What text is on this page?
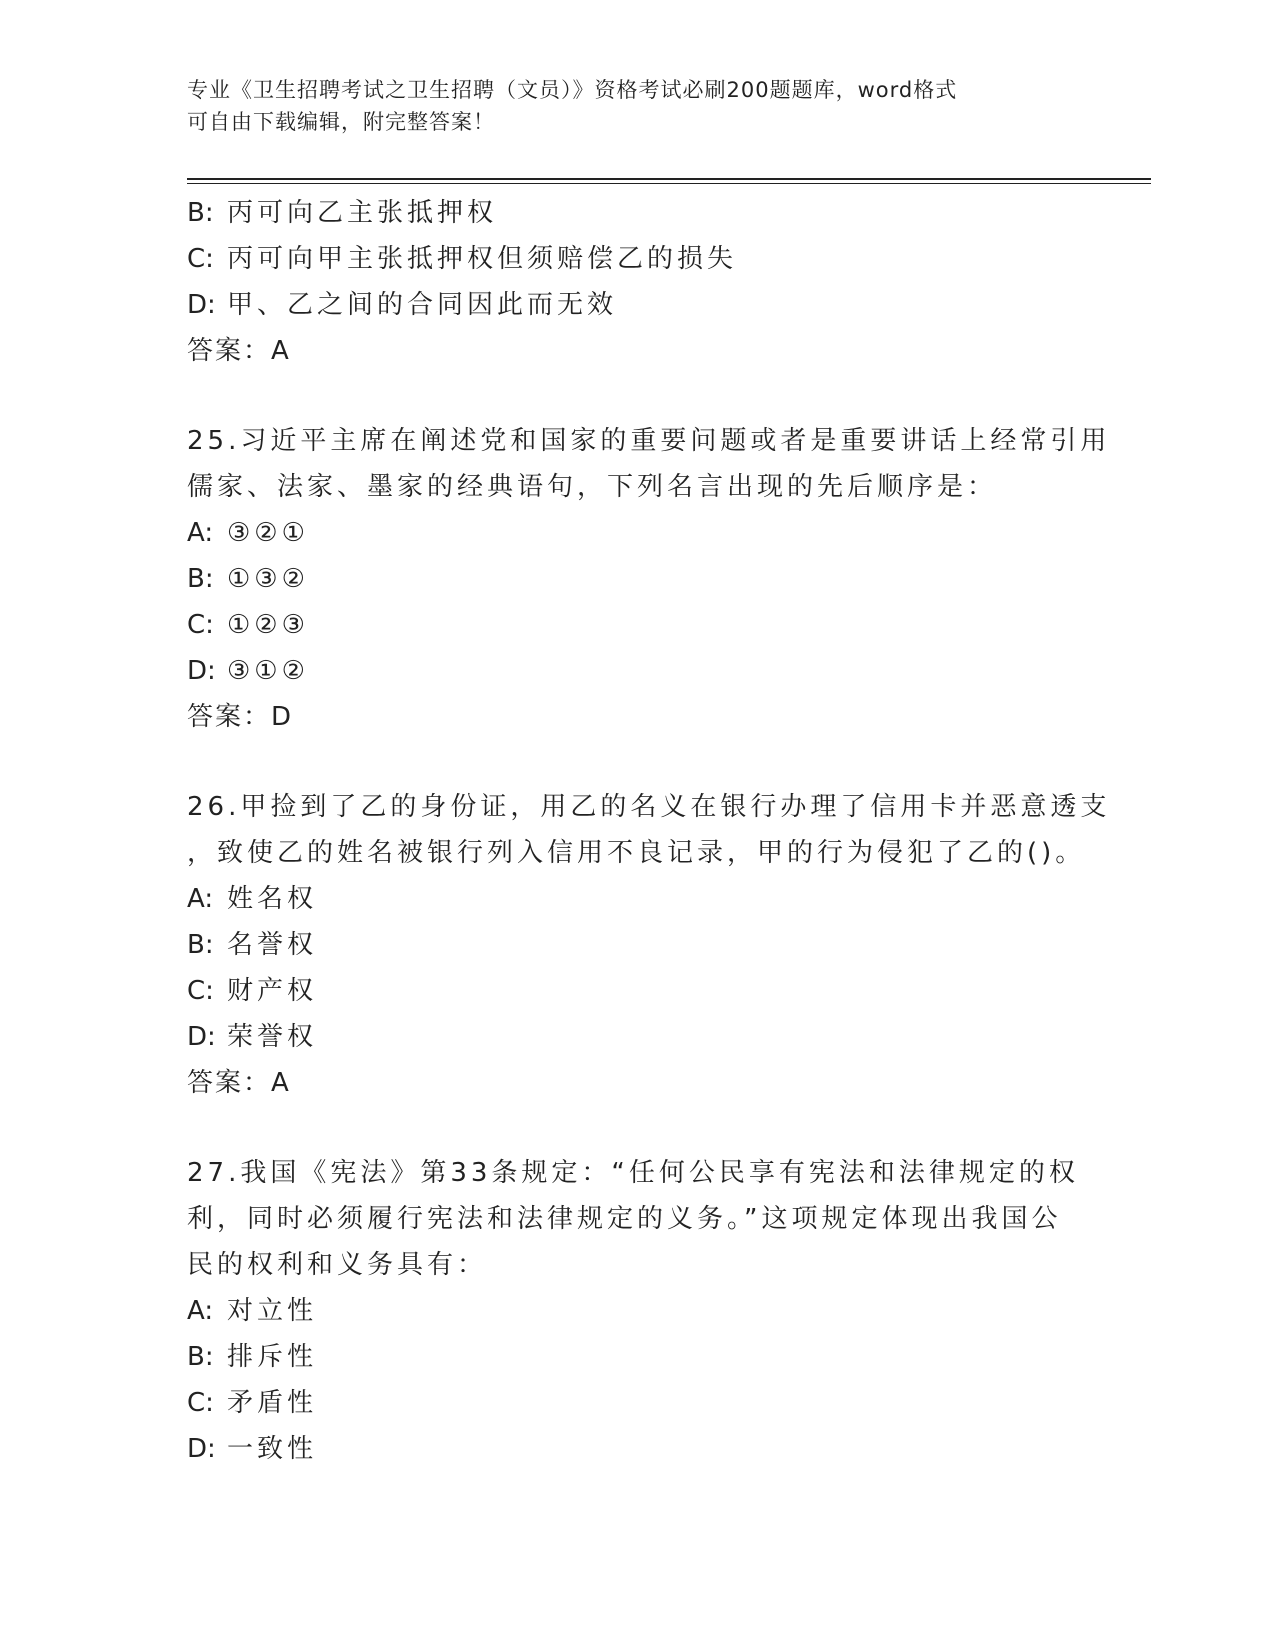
专业《卫生招聘考试之卫生招聘（文员）》资格考试必刷200题题库，word格式
可自由下载编辑，附完整答案！
B: 丙可向乙主张抵押权
C: 丙可向甲主张抵押权但须赔偿乙的损失
D: 甲、乙之间的合同因此而无效
答案：A
25.习近平主席在阐述党和国家的重要问题或者是重要讲话上经常引用
儒家、法家、墨家的经典语句，下列名言出现的先后顺序是：
A: ③②①
B: ①③②
C: ①②③
D: ③①②
答案：D
26.甲捡到了乙的身份证，用乙的名义在银行办理了信用卡并恶意透支
，致使乙的姓名被银行列入信用不良记录，甲的行为侵犯了乙的()。
A: 姓名权
B: 名誉权
C: 财产权
D: 荣誉权
答案：A
27.我国《宪法》第33条规定：“任何公民享有宪法和法律规定的权
利，同时必须履行宪法和法律规定的义务。”这项规定体现出我国公
民的权利和义务具有：
A: 对立性
B: 排斥性
C: 矛盾性
D: 一致性
